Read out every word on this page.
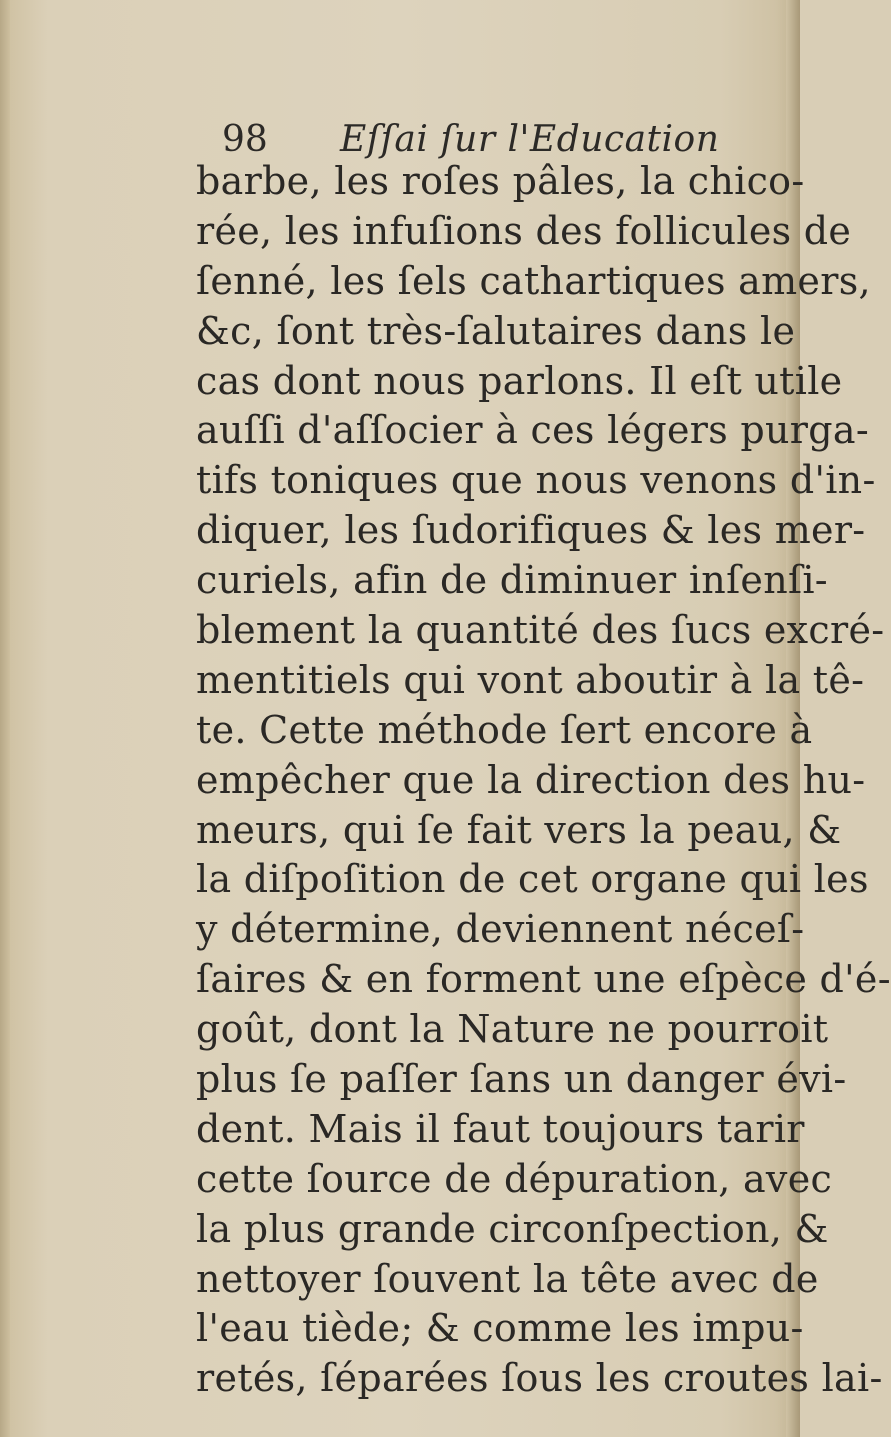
98 Eſſai ſur l'Education
barbe, les roſes pâles, la chico-
rée, les infuſions des follicules de
ſenné, les ſels cathartiques amers,
&c, ſont très-ſalutaires dans le
cas dont nous parlons. Il eſt utile
auſſi d'aſſocier à ces légers purga-
tifs toniques que nous venons d'in-
diquer, les ſudorifiques & les mer-
curiels, afin de diminuer inſenſi-
blement la quantité des ſucs excré-
mentitiels qui vont aboutir à la tê-
te. Cette méthode ſert encore à
empêcher que la direction des hu-
meurs, qui ſe fait vers la peau, &
la diſpoſition de cet organe qui les
y détermine, deviennent néceſ-
ſaires & en forment une eſpèce d'é-
goût, dont la Nature ne pourroit
plus ſe paſſer ſans un danger évi-
dent. Mais il faut toujours tarir
cette ſource de dépuration, avec
la plus grande circonſpection, &
nettoyer ſouvent la tête avec de
l'eau tiède; & comme les impu-
retés, ſéparées ſous les croutes lai-
